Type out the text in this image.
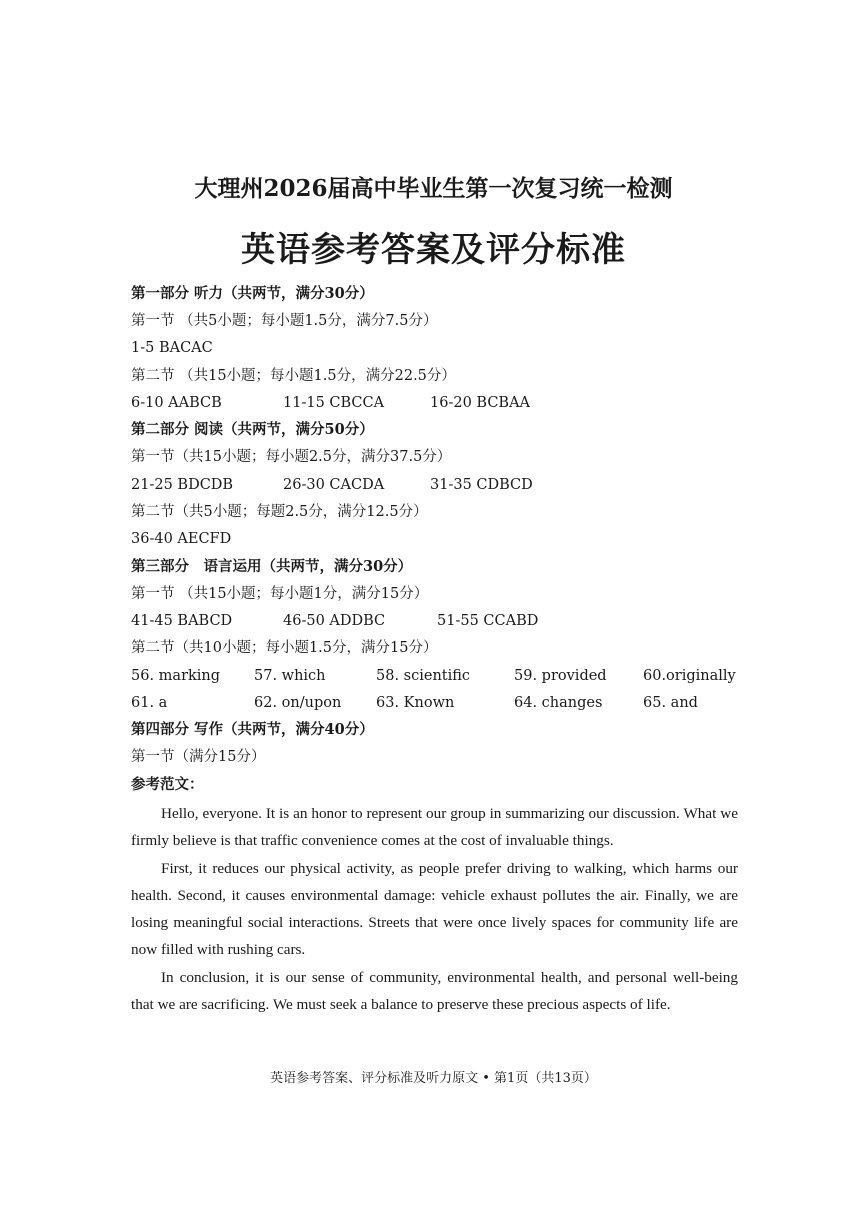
大理州2026届高中毕业生第一次复习统一检测
英语参考答案及评分标准
第一部分 听力（共两节，满分30分）
第一节 （共5小题；每小题1.5分，满分7.5分）
1-5 BACAC
第二节 （共15小题；每小题1.5分，满分22.5分）
6-10 AABCB	11-15 CBCCA	16-20 BCBAA
第二部分 阅读（共两节，满分50分）
第一节（共15小题；每小题2.5分，满分37.5分）
21-25 BDCDB	26-30 CACDA	31-35 CDBCD
第二节（共5小题；每题2.5分，满分12.5分）
36-40 AECFD
第三部分　语言运用（共两节，满分30分）
第一节 （共15小题；每小题1分，满分15分）
41-45 BABCD	46-50 ADDBC	51-55 CCABD
第二节（共10小题；每小题1.5分，满分15分）
56. marking 57. which	58. scientific	59. provided	60.originally
61. a	62. on/upon 63. Known	64. changes	65. and
第四部分 写作（共两节，满分40分）
第一节（满分15分）
参考范文：

Hello, everyone. It is an honor to represent our group in summarizing our discussion. What we firmly believe is that traffic convenience comes at the cost of invaluable things.

First, it reduces our physical activity, as people prefer driving to walking, which harms our health. Second, it causes environmental damage: vehicle exhaust pollutes the air. Finally, we are losing meaningful social interactions. Streets that were once lively spaces for community life are now filled with rushing cars.

In conclusion, it is our sense of community, environmental health, and personal well-being that we are sacrificing. We must seek a balance to preserve these precious aspects of life.

英语参考答案、评分标准及听力原文 • 第1页（共13页）
